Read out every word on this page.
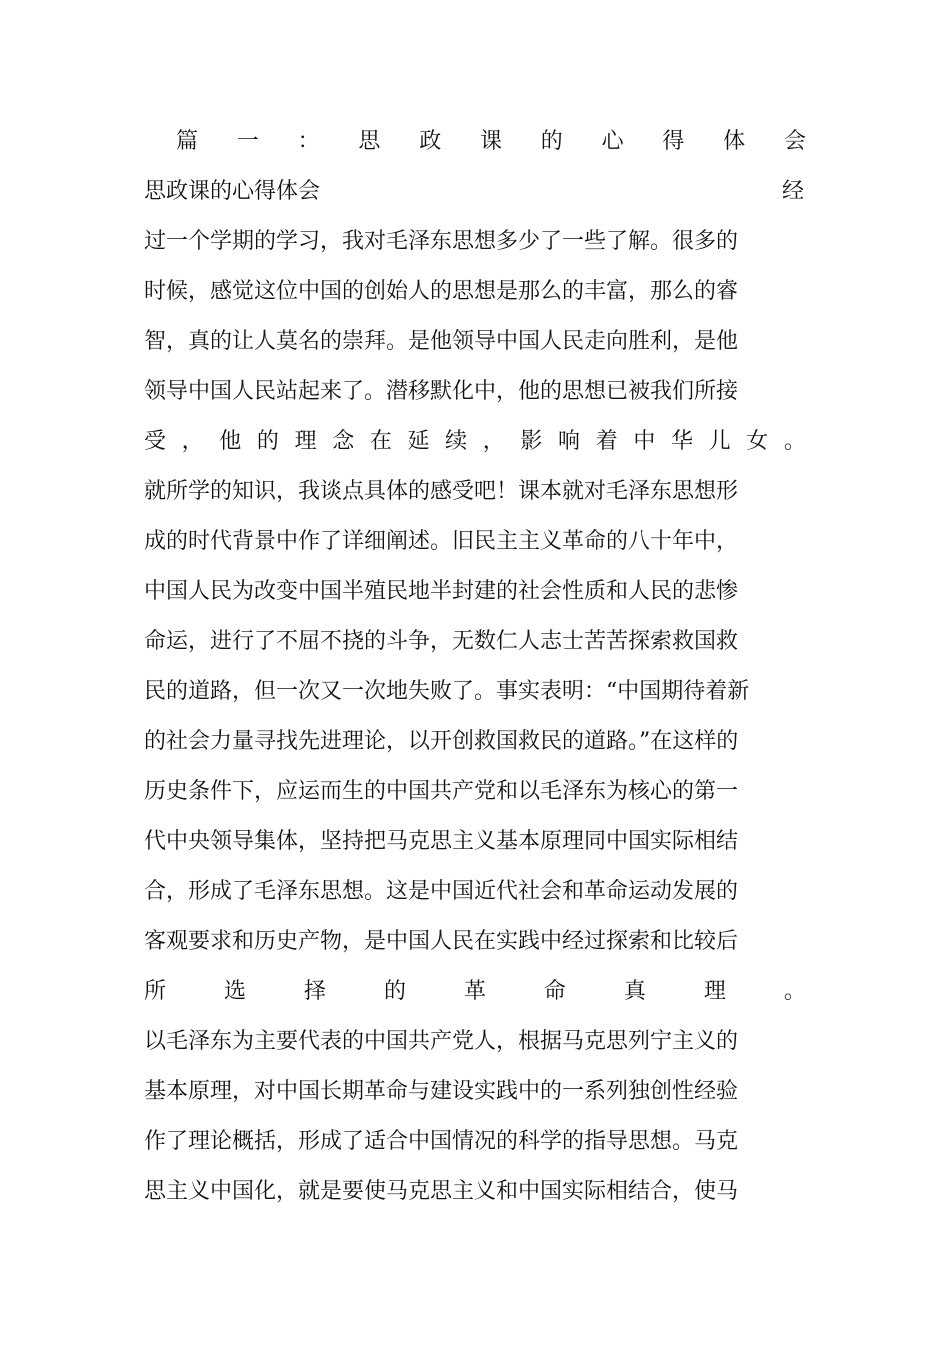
篇 一 ： 思 政 课 的 心 得 体 会
思政课的心得体会	经
过一个学期的学习，我对毛泽东思想多少了一些了解。很多的
时候，感觉这位中国的创始人的思想是那么的丰富，那么的睿
智，真的让人莫名的崇拜。是他领导中国人民走向胜利，是他
领导中国人民站起来了。潜移默化中，他的思想已被我们所接
受 ， 他 的 理 念 在 延 续 ， 影 响 着 中 华 儿 女 。
就所学的知识，我谈点具体的感受吧！课本就对毛泽东思想形
成的时代背景中作了详细阐述。旧民主主义革命的八十年中，
中国人民为改变中国半殖民地半封建的社会性质和人民的悲惨
命运，进行了不屈不挠的斗争，无数仁人志士苦苦探索救国救
民的道路，但一次又一次地失败了。事实表明：“中国期待着新
的社会力量寻找先进理论，以开创救国救民的道路。”在这样的
历史条件下，应运而生的中国共产党和以毛泽东为核心的第一
代中央领导集体，坚持把马克思主义基本原理同中国实际相结
合，形成了毛泽东思想。这是中国近代社会和革命运动发展的
客观要求和历史产物，是中国人民在实践中经过探索和比较后
所	选	择	的	革	命	真	理	。
以毛泽东为主要代表的中国共产党人，根据马克思列宁主义的
基本原理，对中国长期革命与建设实践中的一系列独创性经验
作了理论概括，形成了适合中国情况的科学的指导思想。马克
思主义中国化，就是要使马克思主义和中国实际相结合，使马
